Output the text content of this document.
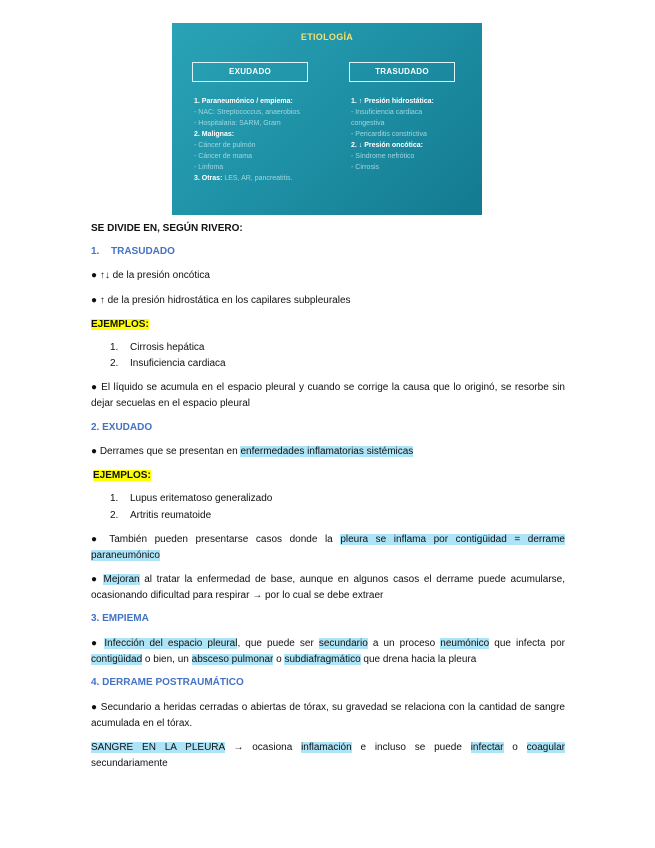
ETIOLOGÍA
EXUDADO	TRASUDADO
1. Paraneumónico / empiema:
- NAC: Streptococcus, anaerobios
- Hospitalaria: SARM, Gram
2. Malignas:
- Cáncer de pulmón
- Cáncer de mama
- Linfoma
3. Otras: LES, AR, pancreatitis.
1. ↑ Presión hidrostática:
- Insuficiencia cardiaca
congestiva
- Pericarditis constrictiva
2. ↓ Presión oncótica:
- Síndrome nefrótico
- Cirrosis
SE DIVIDE EN, SEGÚN RIVERO:
1. TRASUDADO
● ↑↓ de la presión oncótica
● ↑ de la presión hidrostática en los capilares subpleurales
EJEMPLOS:
1. Cirrosis hepática
2. Insuficiencia cardiaca
● El líquido se acumula en el espacio pleural y cuando se corrige la causa que lo originó, se resorbe sin dejar secuelas en el espacio pleural
2. EXUDADO
● Derrames que se presentan en enfermedades inflamatorias sistémicas
EJEMPLOS:
1. Lupus eritematoso generalizado
2. Artritis reumatoide
● También pueden presentarse casos donde la pleura se inflama por contigüidad = derrame paraneumónico
● Mejoran al tratar la enfermedad de base, aunque en algunos casos el derrame puede acumularse, ocasionando dificultad para respirar → por lo cual se debe extraer
3. EMPIEMA
● Infección del espacio pleural, que puede ser secundario a un proceso neumónico que infecta por contigüidad o bien, un absceso pulmonar o subdiafragmático que drena hacia la pleura
4. DERRAME POSTRAUMÁTICO
● Secundario a heridas cerradas o abiertas de tórax, su gravedad se relaciona con la cantidad de sangre acumulada en el tórax.
SANGRE EN LA PLEURA → ocasiona inflamación e incluso se puede infectar o coagular secundariamente
